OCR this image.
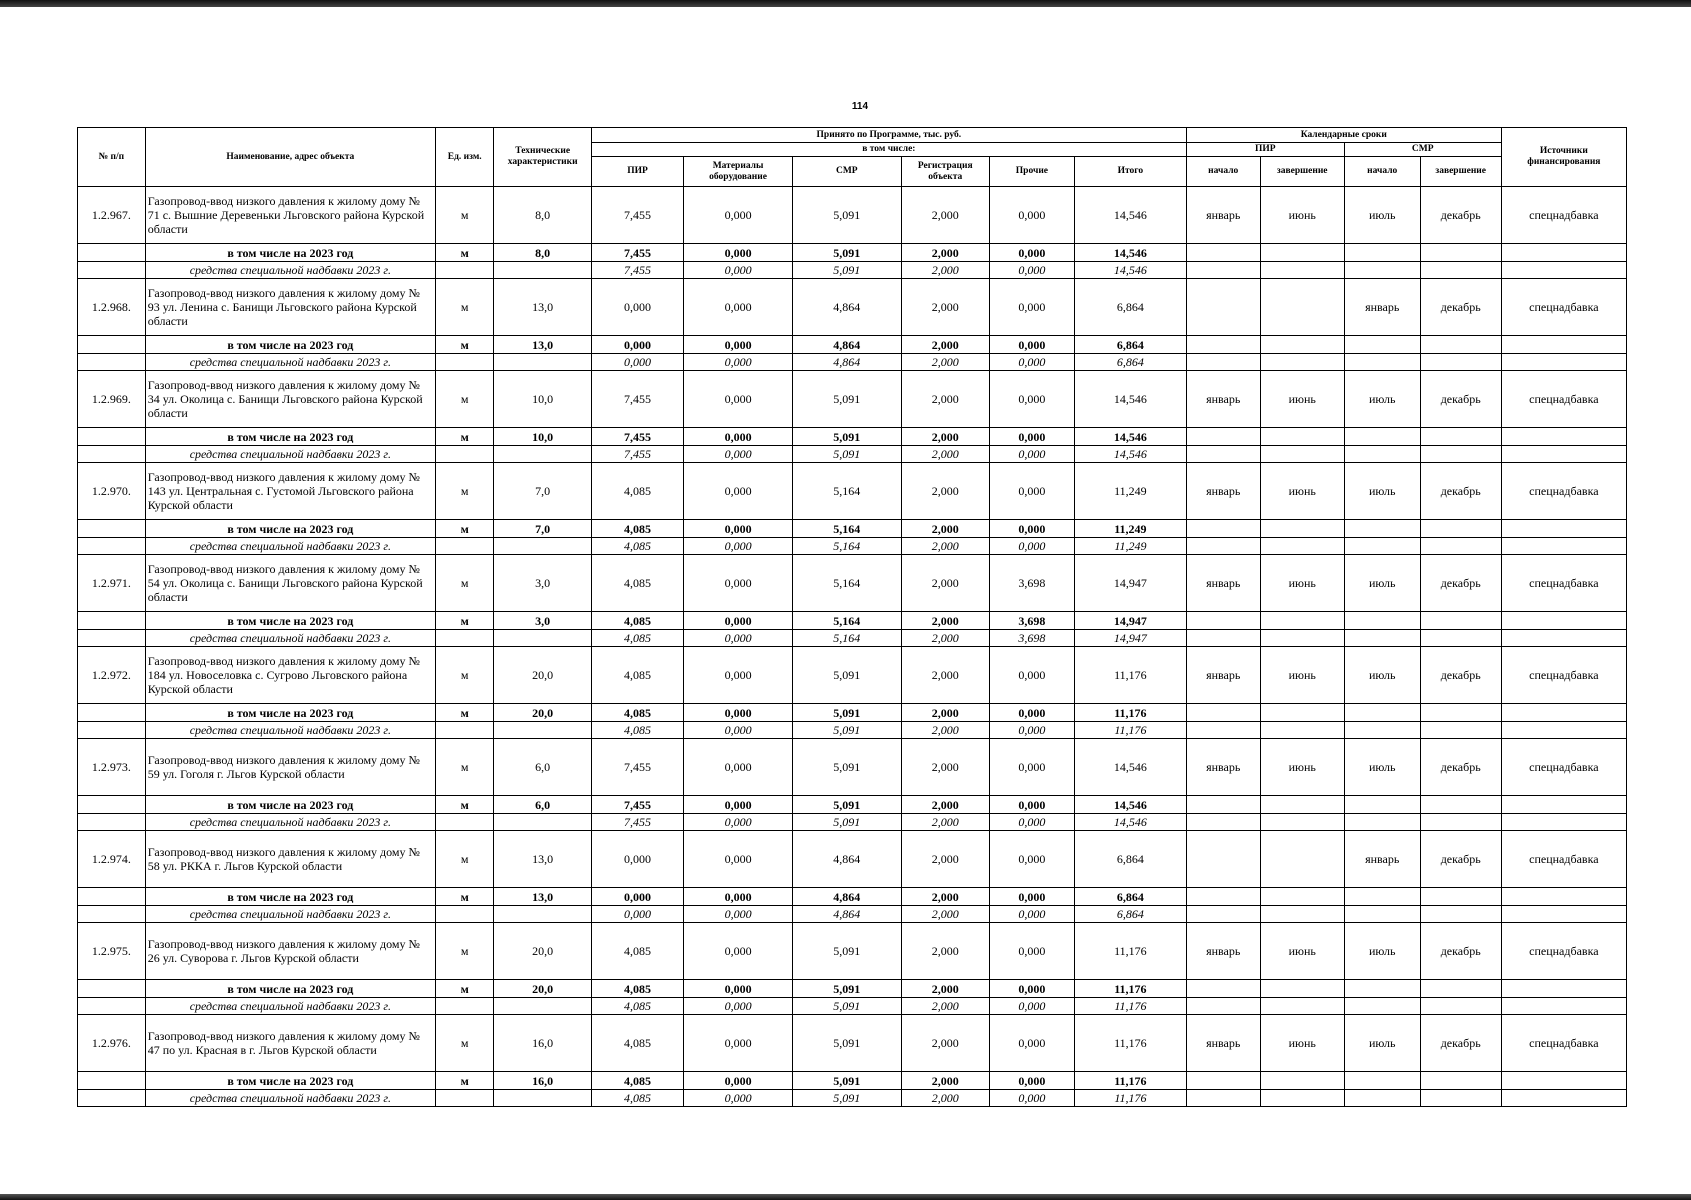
114
№ п/п	Наименование, адрес объекта	Ед. изм.	Технические характеристики	Принято по Программе, тыс. руб.						Календарные сроки				Источники финансирования
				в том числе:						ПИР		СМР		
				ПИР	Материалы оборудование	СМР	Регистрация объекта	Прочие	Итого	начало	завершение	начало	завершение	
1.2.967.	Газопровод-ввод низкого давления к жилому дому № 71 с. Вышние Деревеньки Льговского района Курской области	м	8,0	7,455	0,000	5,091	2,000	0,000	14,546	январь	июнь	июль	декабрь	спецнадбавка
	в том числе на 2023 год	м	8,0	7,455	0,000	5,091	2,000	0,000	14,546					
	средства специальной надбавки 2023 г.			7,455	0,000	5,091	2,000	0,000	14,546					
1.2.968.	Газопровод-ввод низкого давления к жилому дому № 93 ул. Ленина с. Банищи Льговского района Курской области	м	13,0	0,000	0,000	4,864	2,000	0,000	6,864			январь	декабрь	спецнадбавка
	в том числе на 2023 год	м	13,0	0,000	0,000	4,864	2,000	0,000	6,864					
	средства специальной надбавки 2023 г.			0,000	0,000	4,864	2,000	0,000	6,864					
1.2.969.	Газопровод-ввод низкого давления к жилому дому № 34 ул. Околица с. Банищи Льговского района Курской области	м	10,0	7,455	0,000	5,091	2,000	0,000	14,546	январь	июнь	июль	декабрь	спецнадбавка
	в том числе на 2023 год	м	10,0	7,455	0,000	5,091	2,000	0,000	14,546					
	средства специальной надбавки 2023 г.			7,455	0,000	5,091	2,000	0,000	14,546					
1.2.970.	Газопровод-ввод низкого давления к жилому дому № 143 ул. Центральная с. Густомой Льговского района Курской области	м	7,0	4,085	0,000	5,164	2,000	0,000	11,249	январь	июнь	июль	декабрь	спецнадбавка
	в том числе на 2023 год	м	7,0	4,085	0,000	5,164	2,000	0,000	11,249					
	средства специальной надбавки 2023 г.			4,085	0,000	5,164	2,000	0,000	11,249					
1.2.971.	Газопровод-ввод низкого давления к жилому дому № 54 ул. Околица с. Банищи Льговского района Курской области	м	3,0	4,085	0,000	5,164	2,000	3,698	14,947	январь	июнь	июль	декабрь	спецнадбавка
	в том числе на 2023 год	м	3,0	4,085	0,000	5,164	2,000	3,698	14,947					
	средства специальной надбавки 2023 г.			4,085	0,000	5,164	2,000	3,698	14,947					
1.2.972.	Газопровод-ввод низкого давления к жилому дому № 184 ул. Новоселовка с. Сугрово Льговского района Курской области	м	20,0	4,085	0,000	5,091	2,000	0,000	11,176	январь	июнь	июль	декабрь	спецнадбавка
	в том числе на 2023 год	м	20,0	4,085	0,000	5,091	2,000	0,000	11,176					
	средства специальной надбавки 2023 г.			4,085	0,000	5,091	2,000	0,000	11,176					
1.2.973.	Газопровод-ввод низкого давления к жилому дому № 59 ул. Гоголя г. Льгов Курской области	м	6,0	7,455	0,000	5,091	2,000	0,000	14,546	январь	июнь	июль	декабрь	спецнадбавка
	в том числе на 2023 год	м	6,0	7,455	0,000	5,091	2,000	0,000	14,546					
	средства специальной надбавки 2023 г.			7,455	0,000	5,091	2,000	0,000	14,546					
1.2.974.	Газопровод-ввод низкого давления к жилому дому № 58 ул. РККА г. Льгов Курской области	м	13,0	0,000	0,000	4,864	2,000	0,000	6,864			январь	декабрь	спецнадбавка
	в том числе на 2023 год	м	13,0	0,000	0,000	4,864	2,000	0,000	6,864					
	средства специальной надбавки 2023 г.			0,000	0,000	4,864	2,000	0,000	6,864					
1.2.975.	Газопровод-ввод низкого давления к жилому дому № 26 ул. Суворова г. Льгов Курской области	м	20,0	4,085	0,000	5,091	2,000	0,000	11,176	январь	июнь	июль	декабрь	спецнадбавка
	в том числе на 2023 год	м	20,0	4,085	0,000	5,091	2,000	0,000	11,176					
	средства специальной надбавки 2023 г.			4,085	0,000	5,091	2,000	0,000	11,176					
1.2.976.	Газопровод-ввод низкого давления к жилому дому № 47 по ул. Красная в г. Льгов Курской области	м	16,0	4,085	0,000	5,091	2,000	0,000	11,176	январь	июнь	июль	декабрь	спецнадбавка
	в том числе на 2023 год	м	16,0	4,085	0,000	5,091	2,000	0,000	11,176					
	средства специальной надбавки 2023 г.			4,085	0,000	5,091	2,000	0,000	11,176					
